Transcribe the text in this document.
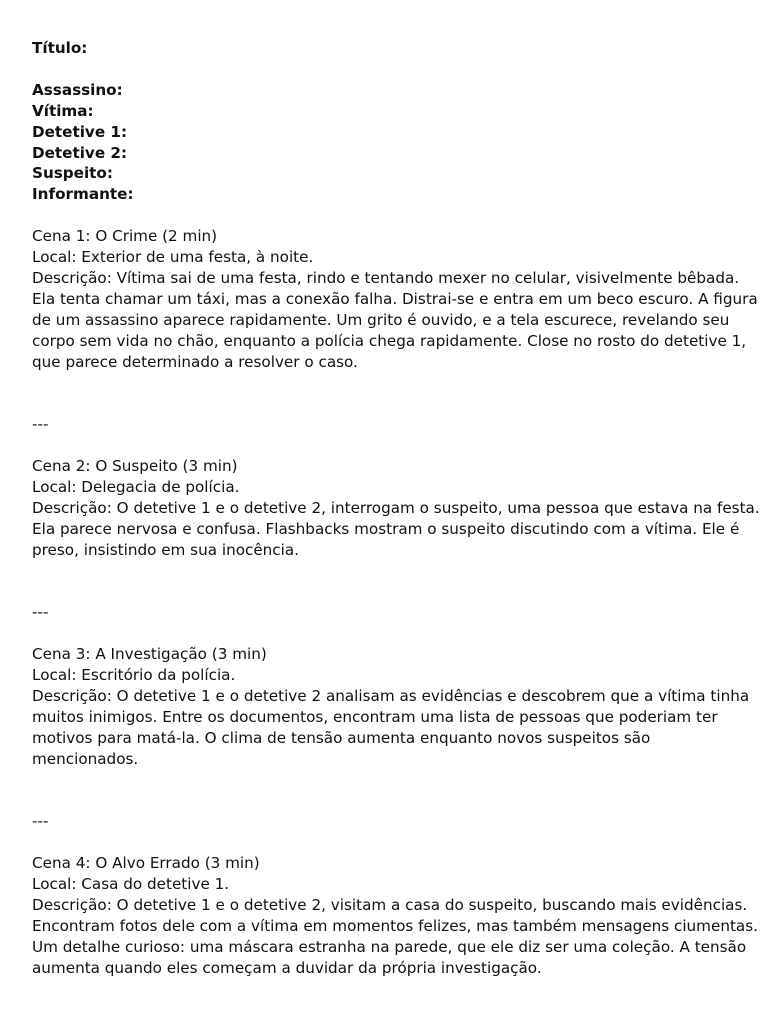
Título:
Assassino:
Vítima:
Detetive 1:
Detetive 2:
Suspeito:
Informante:
Cena 1: O Crime (2 min)
Local: Exterior de uma festa, à noite.
Descrição: Vítima sai de uma festa, rindo e tentando mexer no celular, visivelmente bêbada.
Ela tenta chamar um táxi, mas a conexão falha. Distrai-se e entra em um beco escuro. A figura
de um assassino aparece rapidamente. Um grito é ouvido, e a tela escurece, revelando seu
corpo sem vida no chão, enquanto a polícia chega rapidamente. Close no rosto do detetive 1,
que parece determinado a resolver o caso.
---
Cena 2: O Suspeito (3 min)
Local: Delegacia de polícia.
Descrição: O detetive 1 e o detetive 2, interrogam o suspeito, uma pessoa que estava na festa.
Ela parece nervosa e confusa. Flashbacks mostram o suspeito discutindo com a vítima. Ele é
preso, insistindo em sua inocência.
---
Cena 3: A Investigação (3 min)
Local: Escritório da polícia.
Descrição: O detetive 1 e o detetive 2 analisam as evidências e descobrem que a vítima tinha
muitos inimigos. Entre os documentos, encontram uma lista de pessoas que poderiam ter
motivos para matá-la. O clima de tensão aumenta enquanto novos suspeitos são
mencionados.
---
Cena 4: O Alvo Errado (3 min)
Local: Casa do detetive 1.
Descrição: O detetive 1 e o detetive 2, visitam a casa do suspeito, buscando mais evidências.
Encontram fotos dele com a vítima em momentos felizes, mas também mensagens ciumentas.
Um detalhe curioso: uma máscara estranha na parede, que ele diz ser uma coleção. A tensão
aumenta quando eles começam a duvidar da própria investigação.
